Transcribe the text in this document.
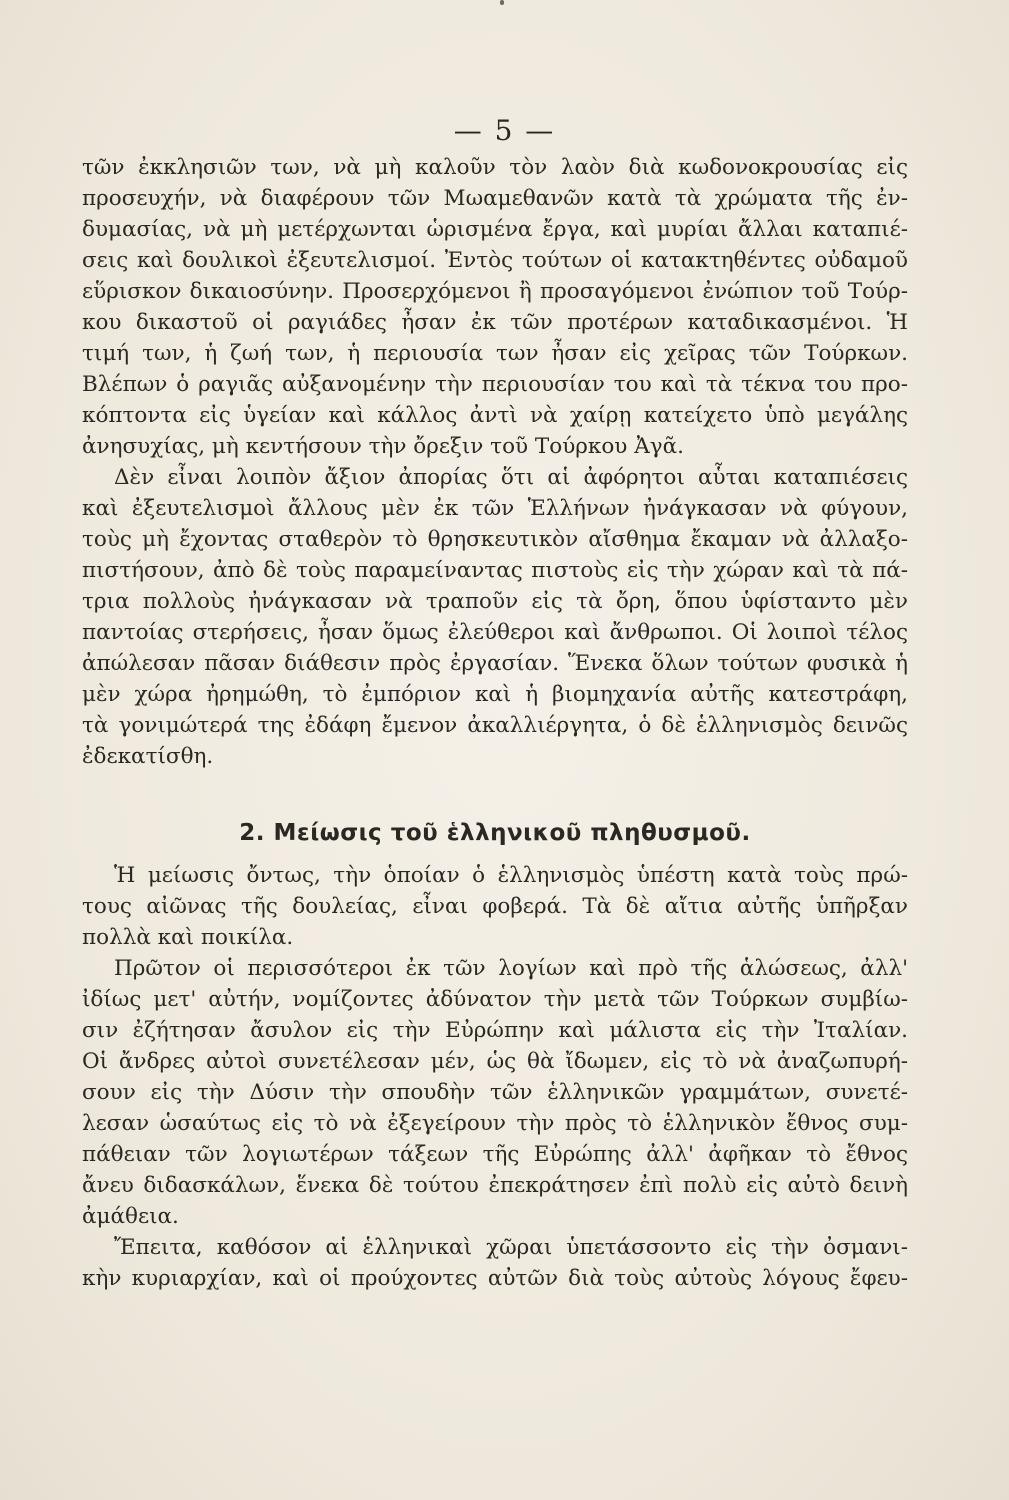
— 5 —
τῶν ἐκκλησιῶν των, νὰ μὴ καλοῦν τὸν λαὸν διὰ κωδονοκρουσίας εἰς
προσευχήν, νὰ διαφέρουν τῶν Μωαμεθανῶν κατὰ τὰ χρώματα τῆς ἐν-
δυμασίας, νὰ μὴ μετέρχωνται ὡρισμένα ἔργα, καὶ μυρίαι ἄλλαι καταπιέ-
σεις καὶ δουλικοὶ ἐξευτελισμοί. Ἐντὸς τούτων οἱ κατακτηθέντες οὐδαμοῦ
εὕρισκον δικαιοσύνην. Προσερχόμενοι ἢ προσαγόμενοι ἐνώπιον τοῦ Τούρ-
κου δικαστοῦ οἱ ραγιάδες ἦσαν ἐκ τῶν προτέρων καταδικασμένοι. Ἡ
τιμή των, ἡ ζωή των, ἡ περιουσία των ἦσαν εἰς χεῖρας τῶν Τούρκων.
Βλέπων ὁ ραγιᾶς αὐξανομένην τὴν περιουσίαν του καὶ τὰ τέκνα του προ-
κόπτοντα εἰς ὑγείαν καὶ κάλλος ἀντὶ νὰ χαίρῃ κατείχετο ὑπὸ μεγάλης
ἀνησυχίας, μὴ κεντήσουν τὴν ὄρεξιν τοῦ Τούρκου Ἀγᾶ.
Δὲν εἶναι λοιπὸν ἄξιον ἀπορίας ὅτι αἱ ἀφόρητοι αὗται καταπιέσεις
καὶ ἐξευτελισμοὶ ἄλλους μὲν ἐκ τῶν Ἑλλήνων ἠνάγκασαν νὰ φύγουν,
τοὺς μὴ ἔχοντας σταθερὸν τὸ θρησκευτικὸν αἴσθημα ἔκαμαν νὰ ἀλλαξο-
πιστήσουν, ἀπὸ δὲ τοὺς παραμείναντας πιστοὺς εἰς τὴν χώραν καὶ τὰ πά-
τρια πολλοὺς ἠνάγκασαν νὰ τραποῦν εἰς τὰ ὄρη, ὅπου ὑφίσταντο μὲν
παντοίας στερήσεις, ἦσαν ὅμως ἐλεύθεροι καὶ ἄνθρωποι. Οἱ λοιποὶ τέλος
ἀπώλεσαν πᾶσαν διάθεσιν πρὸς ἐργασίαν. Ἕνεκα ὅλων τούτων φυσικὰ ἡ
μὲν χώρα ἠρημώθη, τὸ ἐμπόριον καὶ ἡ βιομηχανία αὐτῆς κατεστράφη,
τὰ γονιμώτερά της ἐδάφη ἔμενον ἀκαλλιέργητα, ὁ δὲ ἑλληνισμὸς δεινῶς
ἐδεκατίσθη.
2. Μείωσις τοῦ ἑλληνικοῦ πληθυσμοῦ.
Ἡ μείωσις ὄντως, τὴν ὁποίαν ὁ ἑλληνισμὸς ὑπέστη κατὰ τοὺς πρώ-
τους αἰῶνας τῆς δουλείας, εἶναι φοβερά. Τὰ δὲ αἴτια αὐτῆς ὑπῆρξαν
πολλὰ καὶ ποικίλα.
Πρῶτον οἱ περισσότεροι ἐκ τῶν λογίων καὶ πρὸ τῆς ἁλώσεως, ἀλλ'
ἰδίως μετ' αὐτήν, νομίζοντες ἀδύνατον τὴν μετὰ τῶν Τούρκων συμβίω-
σιν ἐζήτησαν ἄσυλον εἰς τὴν Εὐρώπην καὶ μάλιστα εἰς τὴν Ἰταλίαν.
Οἱ ἄνδρες αὐτοὶ συνετέλεσαν μέν, ὡς θὰ ἴδωμεν, εἰς τὸ νὰ ἀναζωπυρή-
σουν εἰς τὴν Δύσιν τὴν σπουδὴν τῶν ἑλληνικῶν γραμμάτων, συνετέ-
λεσαν ὡσαύτως εἰς τὸ νὰ ἐξεγείρουν τὴν πρὸς τὸ ἑλληνικὸν ἔθνος συμ-
πάθειαν τῶν λογιωτέρων τάξεων τῆς Εὐρώπης ἀλλ' ἀφῆκαν τὸ ἔθνος
ἄνευ διδασκάλων, ἕνεκα δὲ τούτου ἐπεκράτησεν ἐπὶ πολὺ εἰς αὐτὸ δεινὴ
ἀμάθεια.
Ἔπειτα, καθόσον αἱ ἑλληνικαὶ χῶραι ὑπετάσσοντο εἰς τὴν ὀσμανι-
κὴν κυριαρχίαν, καὶ οἱ προύχοντες αὐτῶν διὰ τοὺς αὐτοὺς λόγους ἔφευ-
